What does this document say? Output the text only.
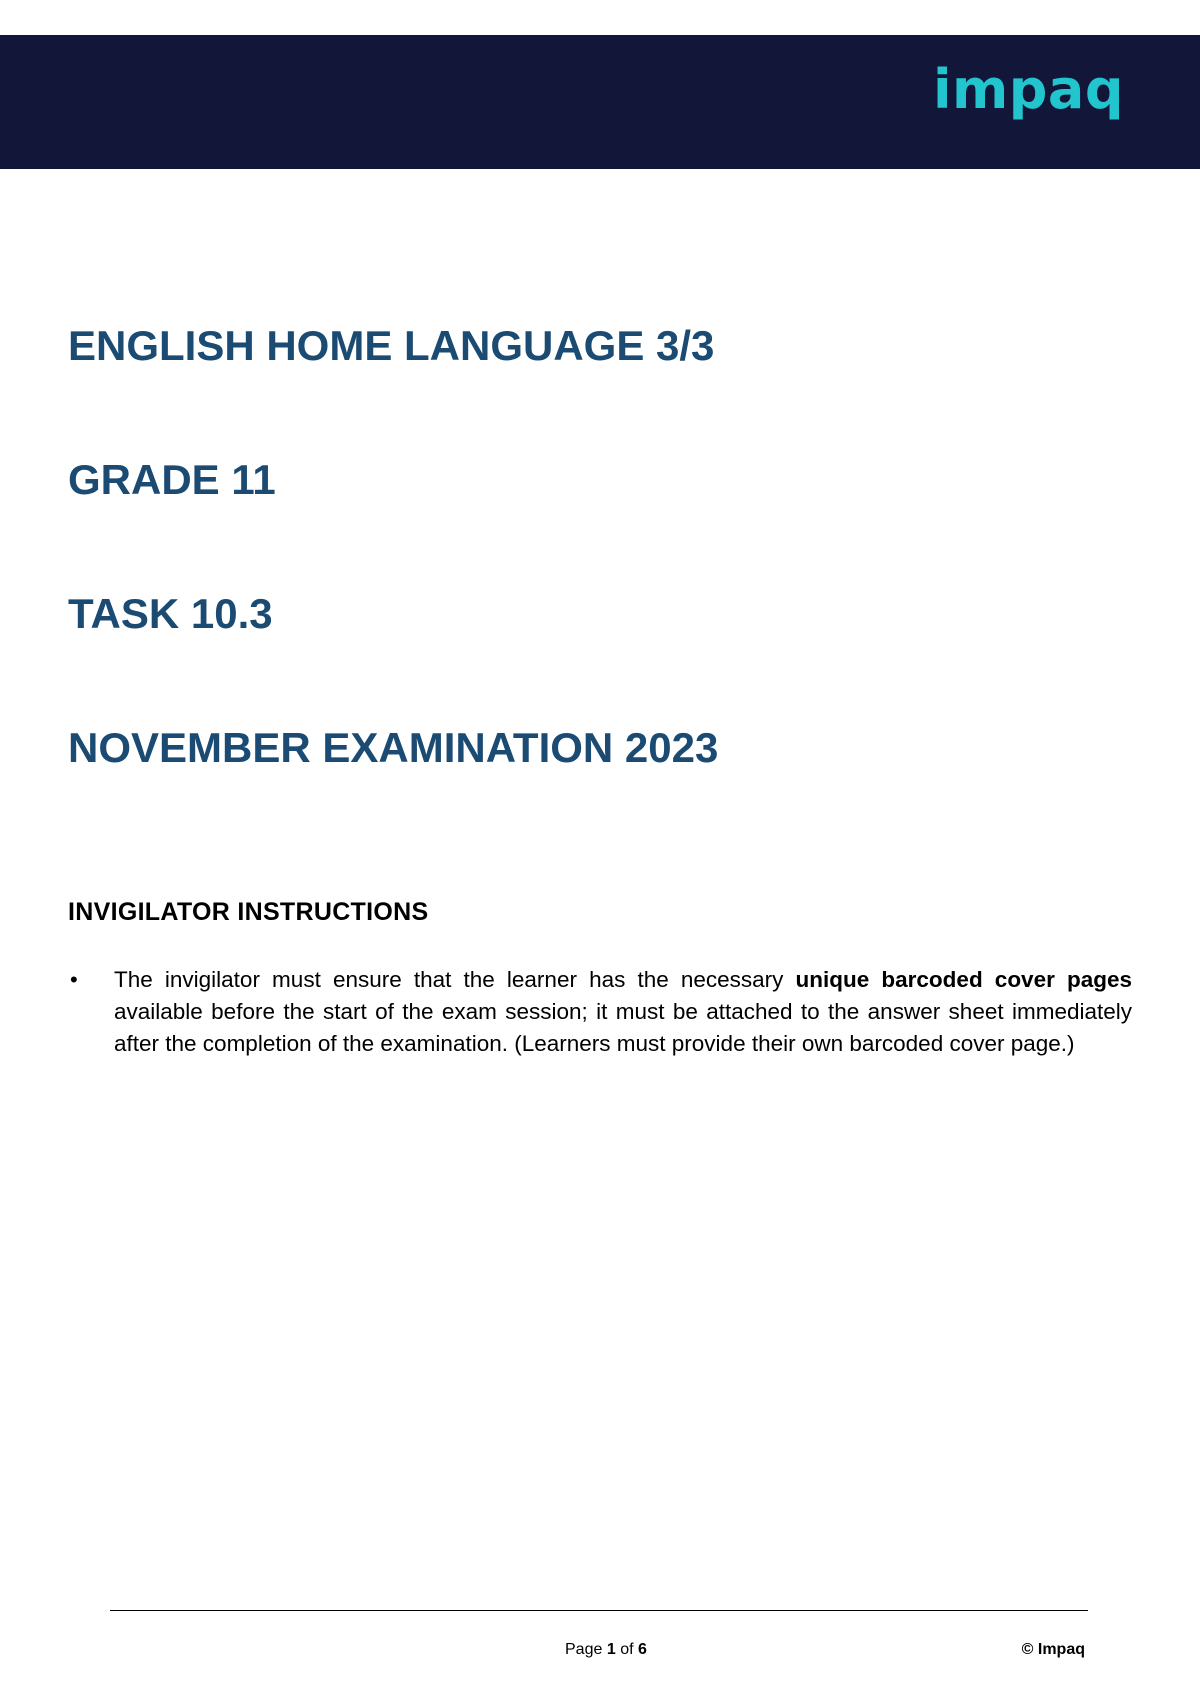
impaq
ENGLISH HOME LANGUAGE 3/3
GRADE 11
TASK 10.3
NOVEMBER EXAMINATION 2023
INVIGILATOR INSTRUCTIONS
• The invigilator must ensure that the learner has the necessary unique barcoded cover pages available before the start of the exam session; it must be attached to the answer sheet immediately after the completion of the examination. (Learners must provide their own barcoded cover page.)
Page 1 of 6	© Impaq
